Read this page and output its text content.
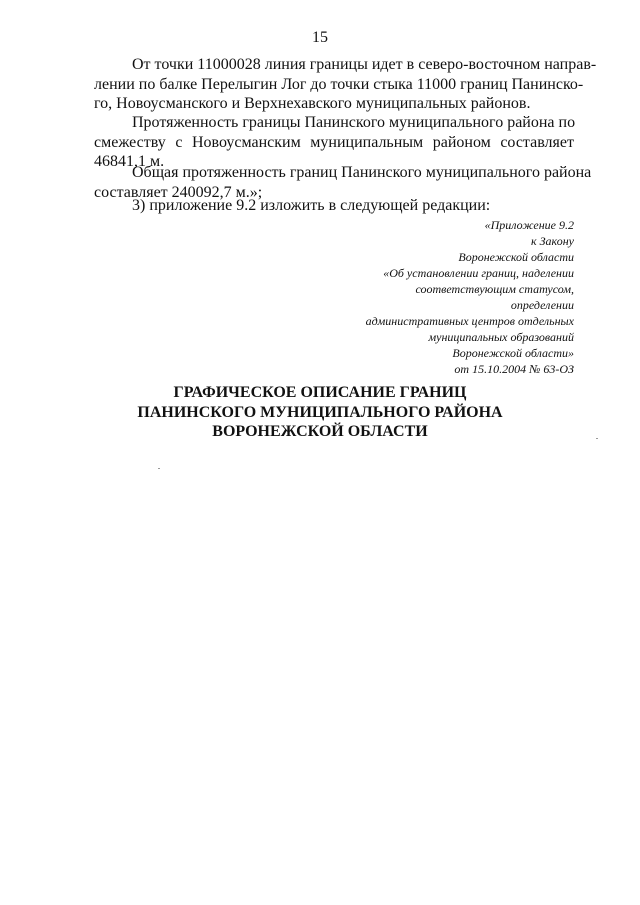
15
От точки 11000028 линия границы идет в северо-восточном направ-
лении по балке Перелыгин Лог до точки стыка 11000 границ Панинско-
го, Новоусманского и Верхнехавского муниципальных районов.
Протяженность границы Панинского муниципального района по
смежеству с Новоусманским муниципальным районом составляет
46841,1 м.
Общая протяженность границ Панинского муниципального района
составляет 240092,7 м.»;
3) приложение 9.2 изложить в следующей редакции:
«Приложение 9.2
к Закону
Воронежской области
«Об установлении границ, наделении
соответствующим статусом,
определении
административных центров отдельных
муниципальных образований
Воронежской области»
от 15.10.2004 № 63-ОЗ
ГРАФИЧЕСКОЕ ОПИСАНИЕ ГРАНИЦ
ПАНИНСКОГО МУНИЦИПАЛЬНОГО РАЙОНА
ВОРОНЕЖСКОЙ ОБЛАСТИ
